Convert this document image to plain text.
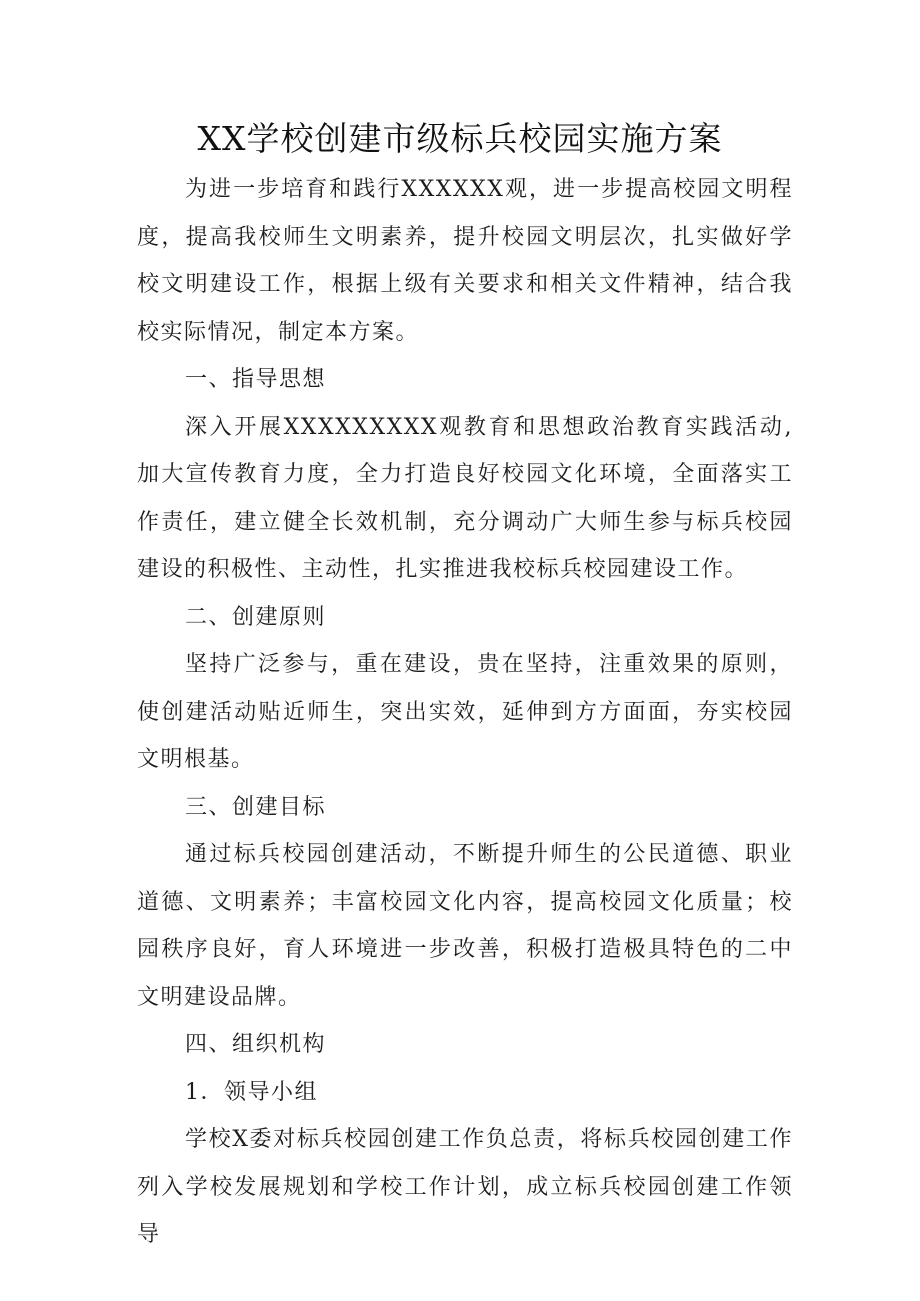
XX学校创建市级标兵校园实施方案

为进一步培育和践行XXXXXX观，进一步提高校园文明程度，提高我校师生文明素养，提升校园文明层次，扎实做好学校文明建设工作，根据上级有关要求和相关文件精神，结合我校实际情况，制定本方案。

一、指导思想

深入开展XXXXXXXXX观教育和思想政治教育实践活动,加大宣传教育力度，全力打造良好校园文化环境，全面落实工作责任，建立健全长效机制，充分调动广大师生参与标兵校园建设的积极性、主动性，扎实推进我校标兵校园建设工作。

二、创建原则

坚持广泛参与，重在建设，贵在坚持，注重效果的原则，使创建活动贴近师生，突出实效，延伸到方方面面，夯实校园文明根基。

三、创建目标

通过标兵校园创建活动，不断提升师生的公民道德、职业道德、文明素养；丰富校园文化内容，提高校园文化质量；校园秩序良好，育人环境进一步改善，积极打造极具特色的二中文明建设品牌。

四、组织机构

1．领导小组

学校X委对标兵校园创建工作负总责，将标兵校园创建工作列入学校发展规划和学校工作计划，成立标兵校园创建工作领导
